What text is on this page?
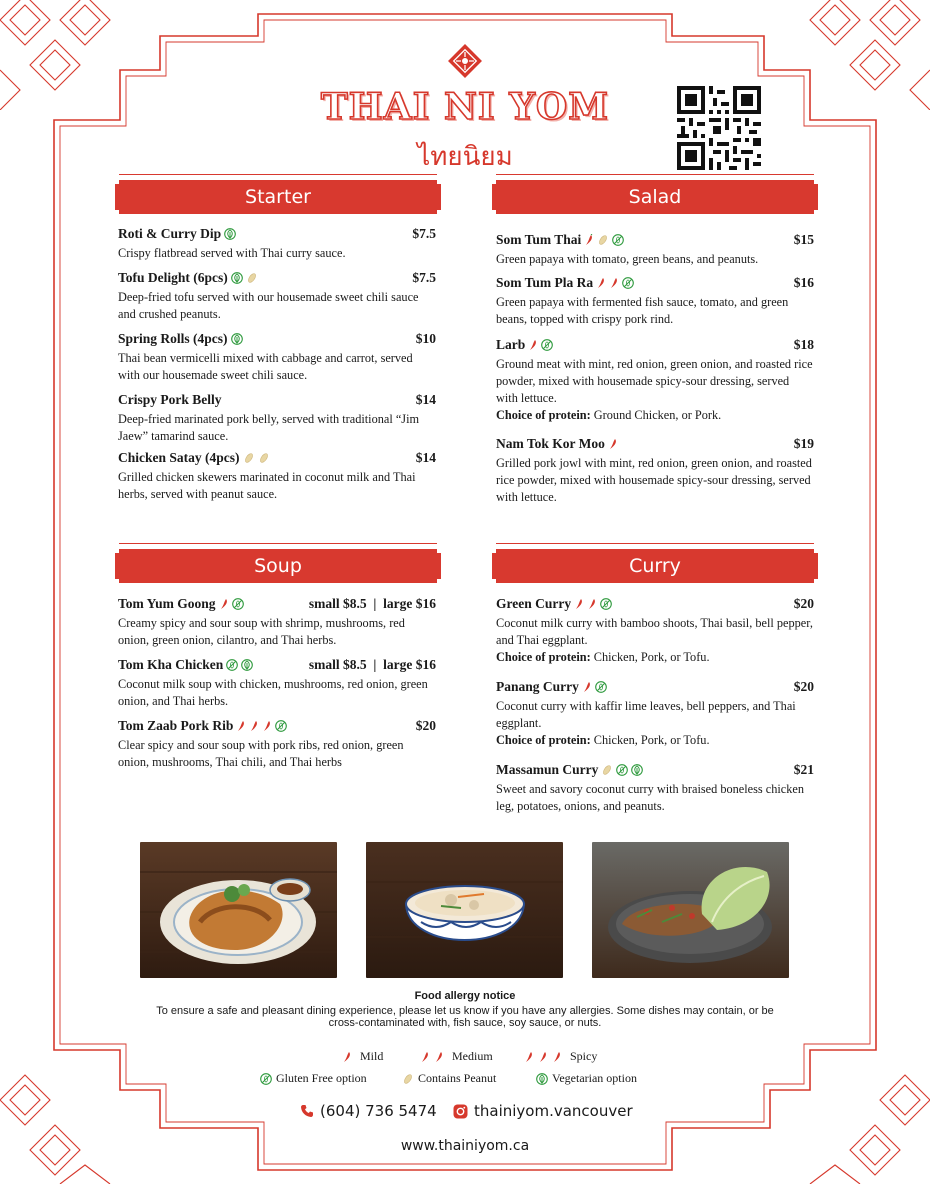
THAI NI YOM
ไทยนิยม
Starter	Salad
Soup	Curry
Roti & Curry Dip	$7.5
Crispy flatbread served with Thai curry sauce.
Tofu Delight (6pcs)	$7.5
Deep-fried tofu served with our housemade sweet chili sauce and crushed peanuts.
Spring Rolls (4pcs)	$10
Thai bean vermicelli mixed with cabbage and carrot, served with our housemade sweet chili sauce.
Crispy Pork Belly	$14
Deep-fried marinated pork belly, served with traditional “Jim Jaew” tamarind sauce.
Chicken Satay (4pcs)	$14
Grilled chicken skewers marinated in coconut milk and Thai herbs, served with peanut sauce.
Som Tum Thai	$15
Green papaya with tomato, green beans, and peanuts.
Som Tum Pla Ra	$16
Green papaya with fermented fish sauce, tomato, and green beans, topped with crispy pork rind.
Larb	$18
Ground meat with mint, red onion, green onion, and roasted rice powder, mixed with housemade spicy-sour dressing, served with lettuce.
Choice of protein: Ground Chicken, or Pork.
Nam Tok Kor Moo	$19
Grilled pork jowl with mint, red onion, green onion, and roasted rice powder, mixed with housemade spicy-sour dressing, served with lettuce.
Tom Yum Goong	small $8.5  |  large $16
Creamy spicy and sour soup with shrimp, mushrooms, red onion, green onion, cilantro, and Thai herbs.
Tom Kha Chicken	small $8.5  |  large $16
Coconut milk soup with chicken, mushrooms, red onion, green onion, and Thai herbs.
Tom Zaab Pork Rib	$20
Clear spicy and sour soup with pork ribs, red onion, green onion, mushrooms, Thai chili, and Thai herbs
Green Curry	$20
Coconut milk curry with bamboo shoots, Thai basil, bell pepper, and Thai eggplant.
Choice of protein: Chicken, Pork, or Tofu.
Panang Curry	$20
Coconut curry with kaffir lime leaves, bell peppers, and Thai eggplant.
Choice of protein: Chicken, Pork, or Tofu.
Massamun Curry	$21
Sweet and savory coconut curry with braised boneless chicken leg, potatoes, onions, and peanuts.
Food allergy notice
To ensure a safe and pleasant dining experience, please let us know if you have any allergies. Some dishes may contain, or be cross-contaminated with, fish sauce, soy sauce, or nuts.
Mild	Medium	Spicy
Gluten Free option	Contains Peanut	Vegetarian option
(604) 736 5474 thainiyom.vancouver
www.thainiyom.ca
